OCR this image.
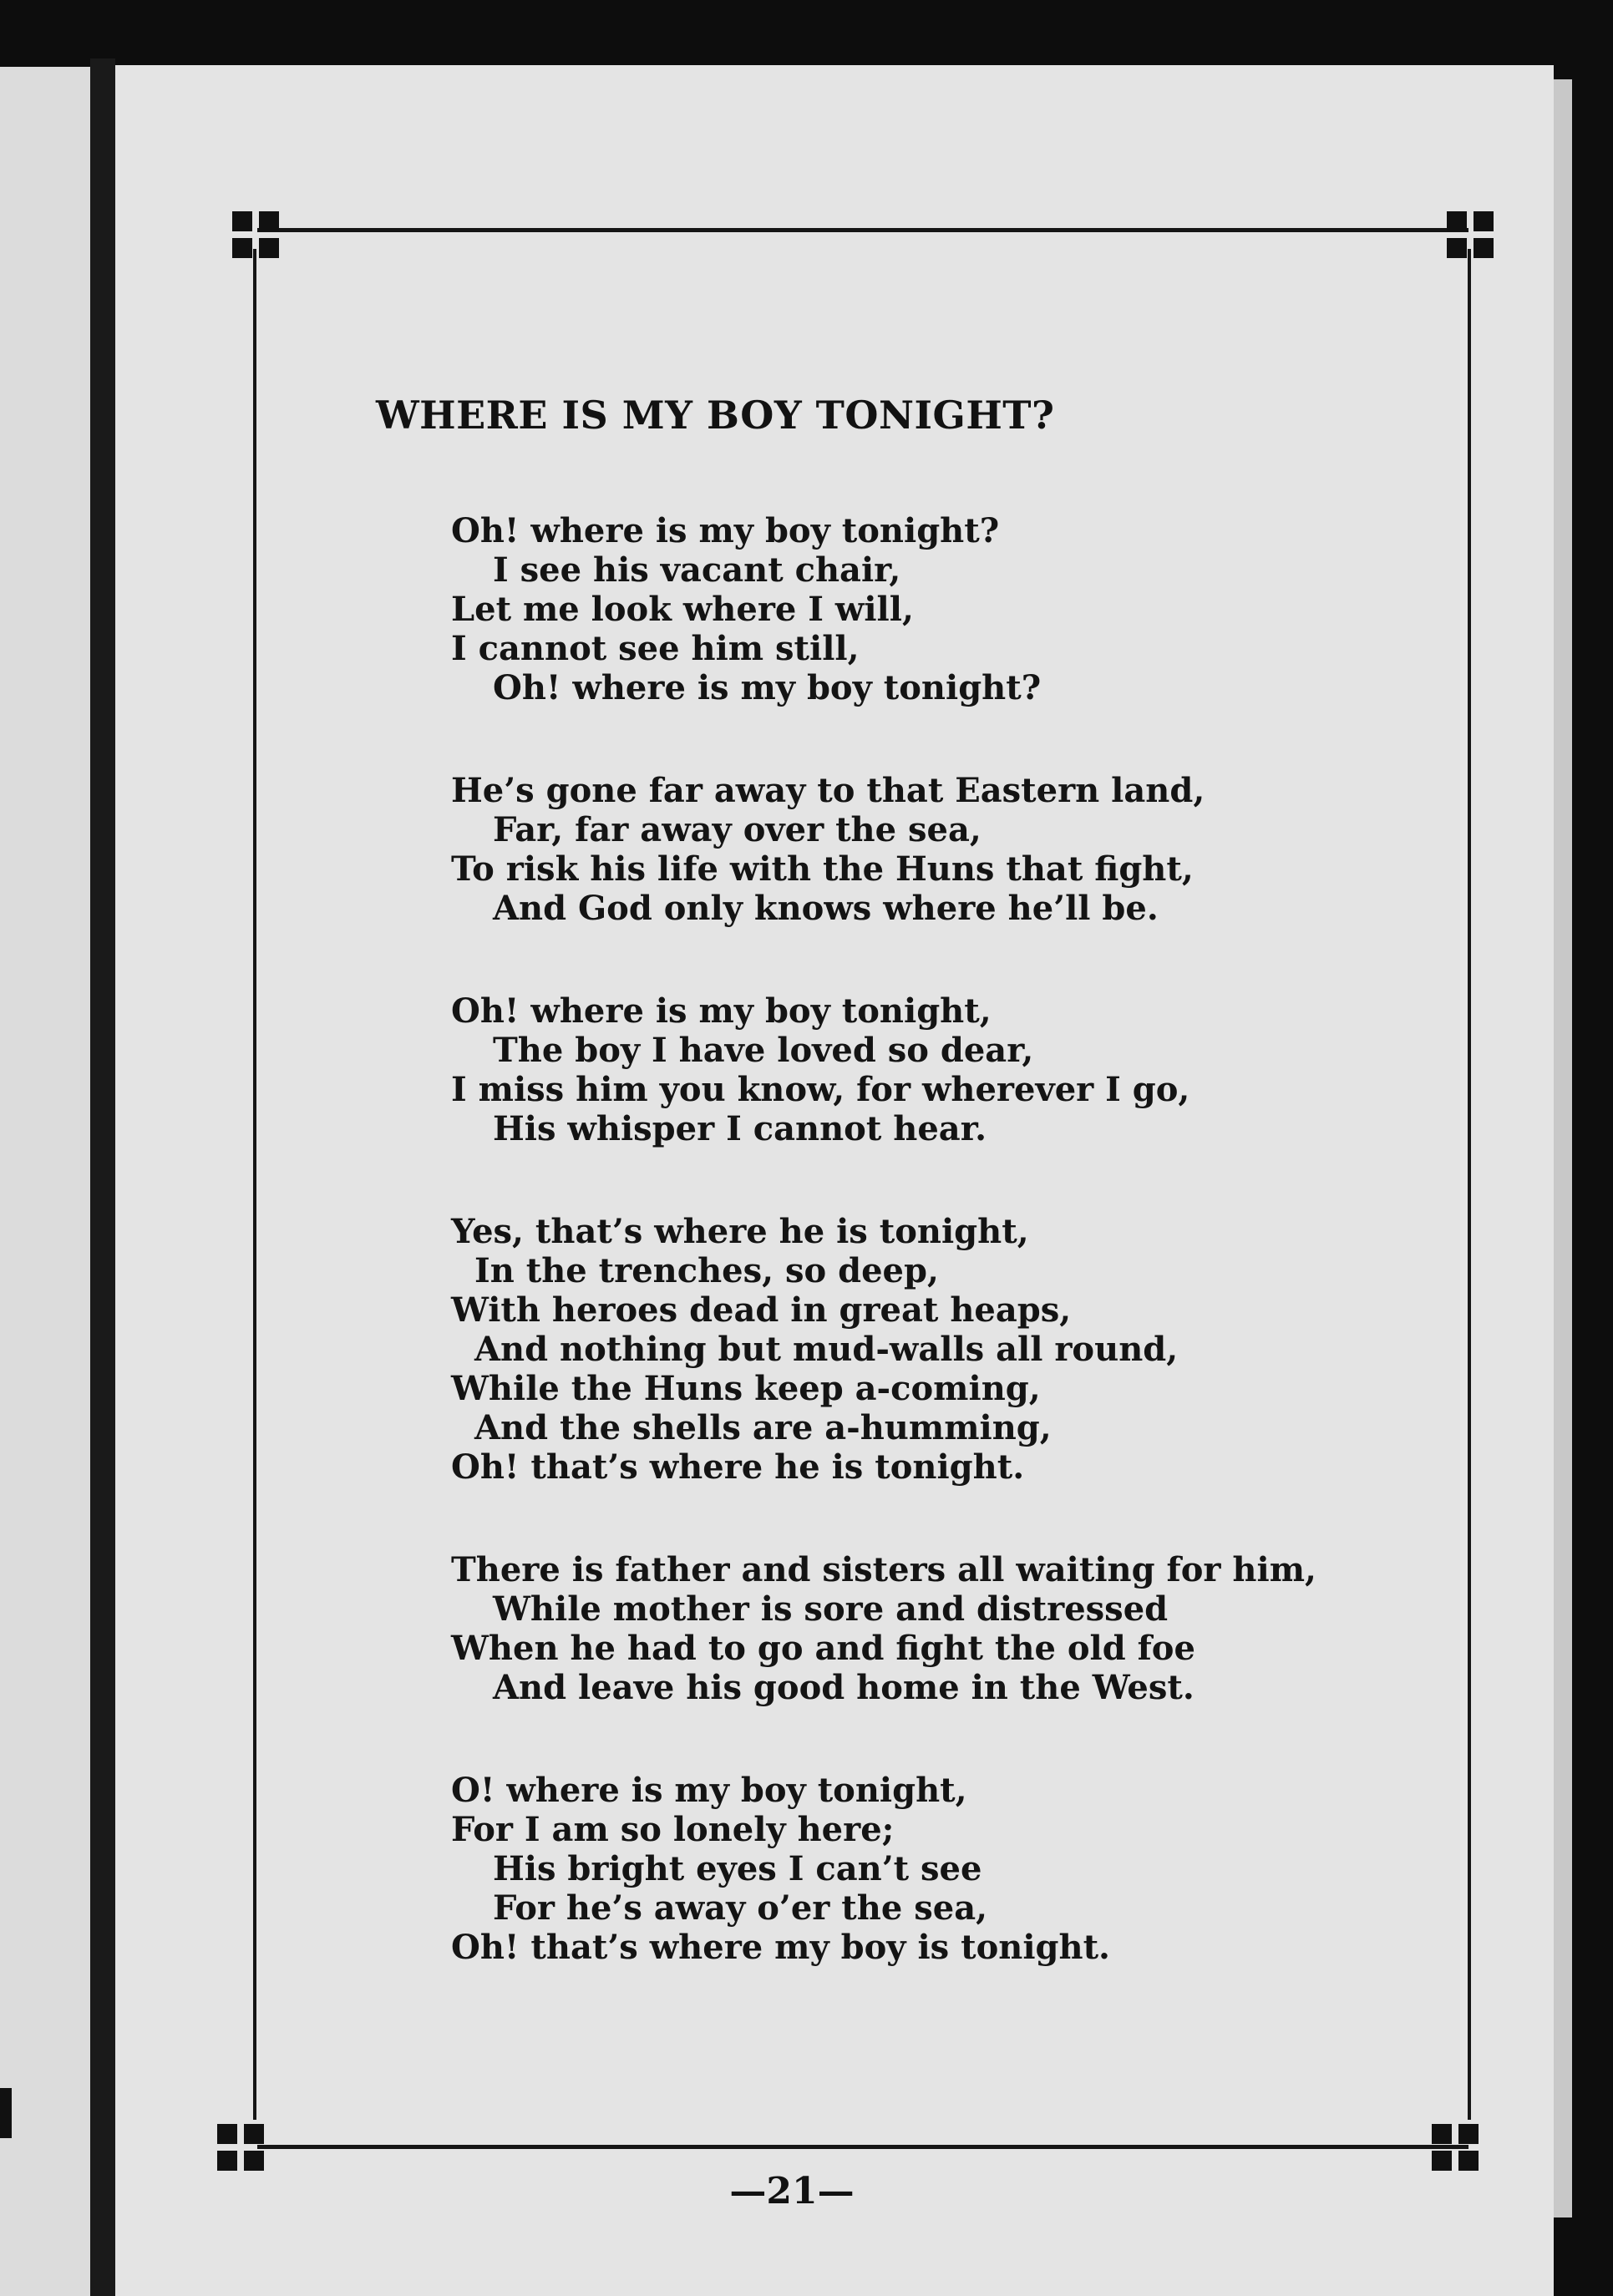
WHERE IS MY BOY TONIGHT?
Oh! where is my boy tonight?
I see his vacant chair,
Let me look where I will,
I cannot see him still,
Oh! where is my boy tonight?
He’s gone far away to that Eastern land,
Far, far away over the sea,
To risk his life with the Huns that fight,
And God only knows where he’ll be.
Oh! where is my boy tonight,
The boy I have loved so dear,
I miss him you know, for wherever I go,
His whisper I cannot hear.
Yes, that’s where he is tonight,
In the trenches, so deep,
With heroes dead in great heaps,
And nothing but mud-walls all round,
While the Huns keep a-coming,
And the shells are a-humming,
Oh! that’s where he is tonight.
There is father and sisters all waiting for him,
While mother is sore and distressed
When he had to go and fight the old foe
And leave his good home in the West.
O! where is my boy tonight,
For I am so lonely here;
His bright eyes I can’t see
For he’s away o’er the sea,
Oh! that’s where my boy is tonight.
—21—
